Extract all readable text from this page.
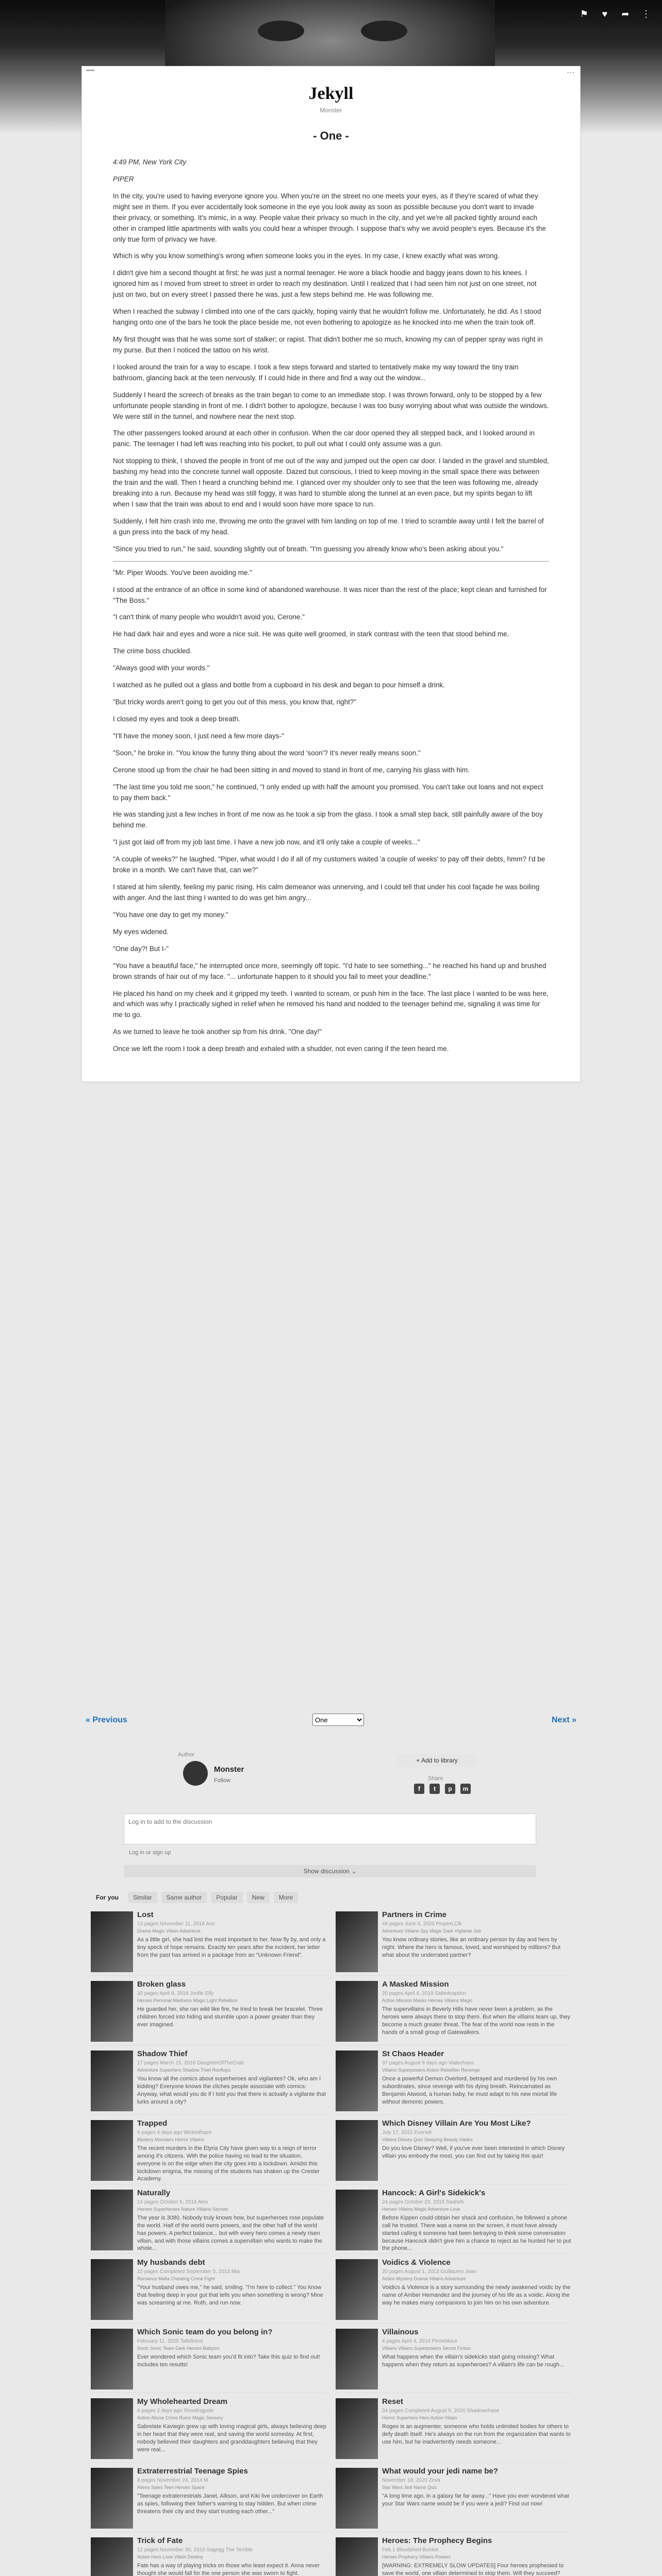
⚑	♥	➦	⋮
⋯
Jekyll
Monster
- One -

4:49 PM, New York City

PIPER

In the city, you're used to having everyone ignore you. When you're on the street no one meets your eyes, as if they're scared of what they might see in them. If you ever accidentally look someone in the eye you look away as soon as possible because you don't want to invade their privacy, or something. It's mimic, in a way. People value their privacy so much in the city, and yet we're all packed tightly around each other in cramped little apartments with walls you could hear a whisper through. I suppose that's why we avoid people's eyes. Because it's the only true form of privacy we have.

Which is why you know something's wrong when someone looks you in the eyes. In my case, I knew exactly what was wrong.

I didn't give him a second thought at first; he was just a normal teenager. He wore a black hoodie and baggy jeans down to his knees. I ignored him as I moved from street to street in order to reach my destination. Until I realized that I had seen him not just on one street, not just on two, but on every street I passed there he was, just a few steps behind me. He was following me.

When I reached the subway I climbed into one of the cars quickly, hoping vainly that he wouldn't follow me. Unfortunately, he did. As I stood hanging onto one of the bars he took the place beside me, not even bothering to apologize as he knocked into me when the train took off.

My first thought was that he was some sort of stalker; or rapist. That didn't bother me so much, knowing my can of pepper spray was right in my purse. But then I noticed the tattoo on his wrist.

I looked around the train for a way to escape. I took a few steps forward and started to tentatively make my way toward the tiny train bathroom, glancing back at the teen nervously. If I could hide in there and find a way out the window...

Suddenly I heard the screech of breaks as the train began to come to an immediate stop. I was thrown forward, only to be stopped by a few unfortunate people standing in front of me. I didn't bother to apologize, because I was too busy worrying about what was outside the windows. We were still in the tunnel, and nowhere near the next stop.

The other passengers looked around at each other in confusion. When the car door opened they all stepped back, and I looked around in panic. The teenager I had left was reaching into his pocket, to pull out what I could only assume was a gun.

Not stopping to think, I shoved the people in front of me out of the way and jumped out the open car door. I landed in the gravel and stumbled, bashing my head into the concrete tunnel wall opposite. Dazed but conscious, I tried to keep moving in the small space there was between the train and the wall. Then I heard a crunching behind me. I glanced over my shoulder only to see that the teen was following me, already breaking into a run. Because my head was still foggy, it was hard to stumble along the tunnel at an even pace, but my spirits began to lift when I saw that the train was about to end and I would soon have more space to run.

Suddenly, I felt him crash into me, throwing me onto the gravel with him landing on top of me. I tried to scramble away until I felt the barrel of a gun press into the back of my head.

"Since you tried to run," he said, sounding slightly out of breath. "I'm guessing you already know who's been asking about you."

"Mr. Piper Woods. You've been avoiding me."

I stood at the entrance of an office in some kind of abandoned warehouse. It was nicer than the rest of the place; kept clean and furnished for "The Boss."

"I can't think of many people who wouldn't avoid you, Cerone."

He had dark hair and eyes and wore a nice suit. He was quite well groomed, in stark contrast with the teen that stood behind me.

The crime boss chuckled.

"Always good with your words."

I watched as he pulled out a glass and bottle from a cupboard in his desk and began to pour himself a drink.

"But tricky words aren't going to get you out of this mess, you know that, right?"

I closed my eyes and took a deep breath.

"I'll have the money soon, I just need a few more days-"

"Soon," he broke in. "You know the funny thing about the word 'soon'? It's never really means soon."

Cerone stood up from the chair he had been sitting in and moved to stand in front of me, carrying his glass with him.

"The last time you told me soon," he continued, "I only ended up with half the amount you promised. You can't take out loans and not expect to pay them back."

He was standing just a few inches in front of me now as he took a sip from the glass. I took a small step back, still painfully aware of the boy behind me.

"I just got laid off from my job last time. I have a new job now, and it'll only take a couple of weeks..."

"A couple of weeks?" he laughed. "Piper, what would I do if all of my customers waited 'a couple of weeks' to pay off their debts, hmm? I'd be broke in a month. We can't have that, can we?"

I stared at him silently, feeling my panic rising. His calm demeanor was unnerving, and I could tell that under his cool façade he was boiling with anger. And the last thing I wanted to do was get him angry...

"You have one day to get my money."

My eyes widened.

"One day?! But I-"

"You have a beautiful face," he interrupted once more, seemingly off topic. "I'd hate to see something..." he reached his hand up and brushed brown strands of hair out of my face. "... unfortunate happen to it should you fail to meet your deadline."

He placed his hand on my cheek and it gripped my teeth. I wanted to scream, or push him in the face. The last place I wanted to be was here, and which was why I practically sighed in relief when he removed his hand and nodded to the teenager behind me, signaling it was time for me to go.

As we turned to leave he took another sip from his drink. "One day!"

Once we left the room I took a deep breath and exhaled with a shudder, not even caring if the teen heard me.

« Previous
One	Next »
Author
Monster
Follow
+ Add to library
Share
f	t	p	m
Log in to add to the discussion
Log in or sign up
Show discussion ⌄
For you	Similar	Same author	Popular	New	More
Lost
13 pages November 11, 2018 Ann
Drama Magic Villain Adventure
As a little girl, she had lost the most important to her. Now fly by, and only a tiny speck of hope remains. Exactly ten years after the incident, her letter from the past has arrived in a package from an "Unknown Friend".
Partners in Crime
49 pages June 4, 2020 ProperLClk
Adventure Villains Spy Magic Dark Vigilante Job
You know ordinary stories, like an ordinary person by day and hero by night. Where the hero is famous, loved, and worshiped by millions? But what about the underrated partner?
Broken glass
30 pages April 8, 2019 Jonfle Elfy
Heroes Personal Madness Magic Light Rebellion
He guarded her, she ran wild like fire, he tried to break her bracelet. Three children forced into hiding and stumble upon a power greater than they ever imagined.
A Masked Mission
20 pages April 4, 2019 Saltedcaption
Action Mission Masks Heroes Villains Magic
The supervillains in Beverly Hills have never been a problem, as the heroes were always there to stop them. But when the villains team up, they become a much greater threat. The fear of the world now rests in the hands of a small group of Gatewalkers.
Shadow Thief
17 pages March 15, 2016 DaughterOfTheCrab
Adventure Superhero Shadow Thief Rooftops
You know all the comics about superheroes and vigilantes? Ok, who am I kidding? Everyone knows the cliches people associate with comics: Anyway, what would you do if I told you that there is actually a vigilante that lurks around a city?
St Chaos Header
37 pages August 9 days ago Vialechaos
Villains Superpowers Action Rebellion Revenge
Once a powerful Demon Overlord, betrayed and murdered by his own subordinates, since revenge with his dying breath. Reincarnated as Benjamin Atwood, a human baby, he must adapt to his new mortal life without demonic powers.
Trapped
4 pages 4 days ago Wickedhaze
Mystery Monsters Horror Villains
The recent murders in the Elyria City have given way to a reign of terror among it's citizens. With the police having no lead to the situation, everyone is on the edge when the city goes into a lockdown. Amidst this lockdown enigma, the missing of the students has shaken up the Crester Academy.
Which Disney Villain Are You Most Like?
July 17, 2022 Everset
Villains Disney Quiz Sleeping Beauty Hades
Do you love Disney? Well, if you've ever been interested in which Disney villain you embody the most, you can find out by taking this quiz!
Naturally
14 pages October 5, 2016 Alex
Heroes Superheroes Nature Villains Secrets
The year is 3080. Nobody truly knows how, but superheroes rose populate the world. Half of the world owns powers, and the other half of the world has powers. A perfect balance... but with every hero comes a newly risen villain, and with those villains comes a supervillain who wants to make the whole...
Hancock: A Girl's Sidekick's
24 pages October 23, 2015 Saaheb
Heroes Villains Magic Adventure Love
Before Kippen could obtain her shack and confusion, he followed a phone call he trusted. There was a name on the screen, it must have already started calling it someone had been betraying to think some conversation because Hancock didn't give him a chance to reject as he hunted her to put the phone...
My husbands debt
22 pages Completed September 5, 2013 Mia
Romance Mafia Cheating Crime Fight
"Your husband owes me," he said, smiling. "I'm here to collect." You know that feeling deep in your gut that tells you when something is wrong? Mine was screaming at me. Ruth, and run now.
Voidics & Violence
20 pages August 1, 2013 Guillaumo Jean
Action Mystery Drama Villains Adventure
Voidics & Violence is a story surrounding the newly awakened voidic by the name of Amber Hernandez and the journey of his life as a voidic. Along the way he makes many companions to join him on his own adventure.
Which Sonic team do you belong in?
February 11, 2025 Tailsfinest
Sonic Sonic Team Dark Heroes Babylon
Ever wondered which Sonic team you'd fit into? Take this quiz to find out! Includes ten results!
Villainous
4 pages April 4, 2016 Pinnebluce
Villains Villains Superpowers Secret Fiction
What happens when the villain's sidekicks start going missing? What happens when they return as superheroes? A villain's life can be rough...
My Wholehearted Dream
6 pages 2 days ago Shootingpole
Action Abuse Crime Ruins Magic Sensory
Sabrelate Kaviegin grew up with loving magical girls, always believing deep in her heart that they were real, and saving the world someday. At first, nobody believed their daughters and granddaughters believing that they were real...
Reset
34 pages Completed August 5, 2020 Shadowchase
Horror Superhero Hero Action Villain
Rogeo is an augmenter, someone who holds unlimited bodies for others to defy death itself. He's always on the run from the organization that wants to use him, but he inadvertently needs someone...
Extraterrestrial Teenage Spies
8 pages November 24, 2014 M
Aliens Spies Teen Heroes Space
"Teenage extraterrestrials Janet, Allison, and Kiki live undercover on Earth as spies, following their father's warning to stay hidden. But when crime threatens their city and they start trusting each other..."
What would your jedi name be?
November 18, 2020 Zeva
Star Wars Jedi Name Quiz
"A long time ago, in a galaxy far far away..." Have you ever wondered what your Star Wars name would be if you were a jedi? Find out now!
Trick of Fate
12 pages November 30, 2016 Sagegg The Terrible
Action Hero Love Villain Destiny
Fate has a way of playing tricks on those who least expect it. Anna never thought she would fall for the one person she was sworn to fight.
Heroes: The Prophecy Begins
Feb 1 Bloodshed Bunker
Heroes Prophecy Villains Powers
[WARNING: EXTREMELY SLOW UPDATES] Four heroes prophesied to save the world, one villain determined to stop them. Will they succeed?
